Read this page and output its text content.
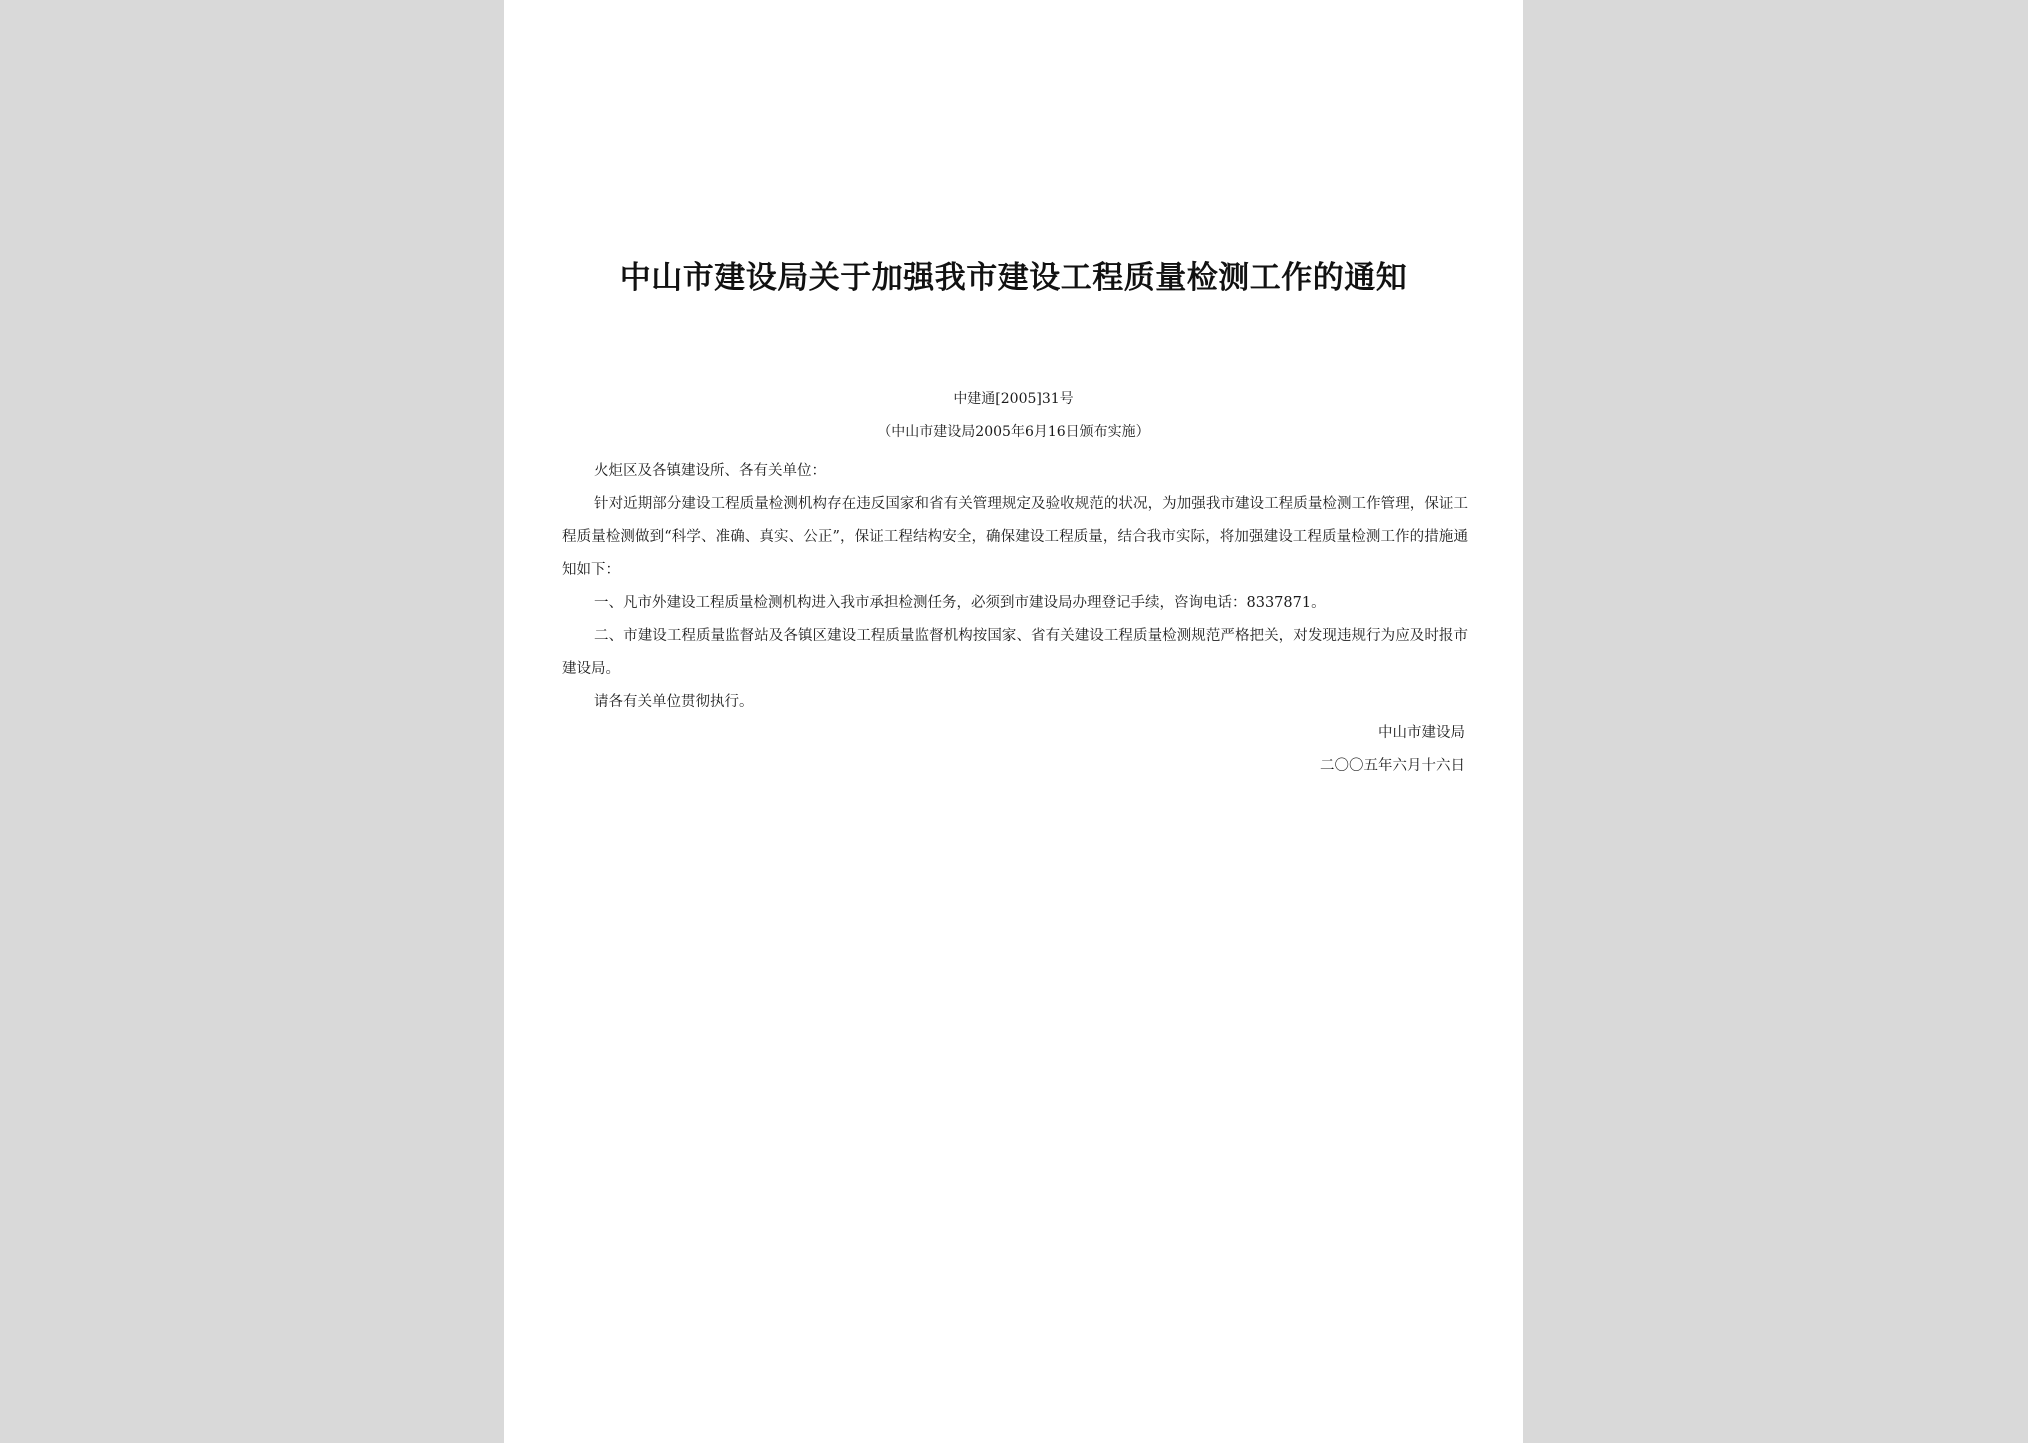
中山市建设局关于加强我市建设工程质量检测工作的通知
中建通[2005]31号
（中山市建设局2005年6月16日颁布实施）

火炬区及各镇建设所、各有关单位：

针对近期部分建设工程质量检测机构存在违反国家和省有关管理规定及验收规范的状况，为加强我市建设工程质量检测工作管理，保证工程质量检测做到“科学、准确、真实、公正”，保证工程结构安全，确保建设工程质量，结合我市实际，将加强建设工程质量检测工作的措施通知如下：

一、凡市外建设工程质量检测机构进入我市承担检测任务，必须到市建设局办理登记手续，咨询电话：8337871。

二、市建设工程质量监督站及各镇区建设工程质量监督机构按国家、省有关建设工程质量检测规范严格把关，对发现违规行为应及时报市建设局。

请各有关单位贯彻执行。

中山市建设局
二〇〇五年六月十六日
